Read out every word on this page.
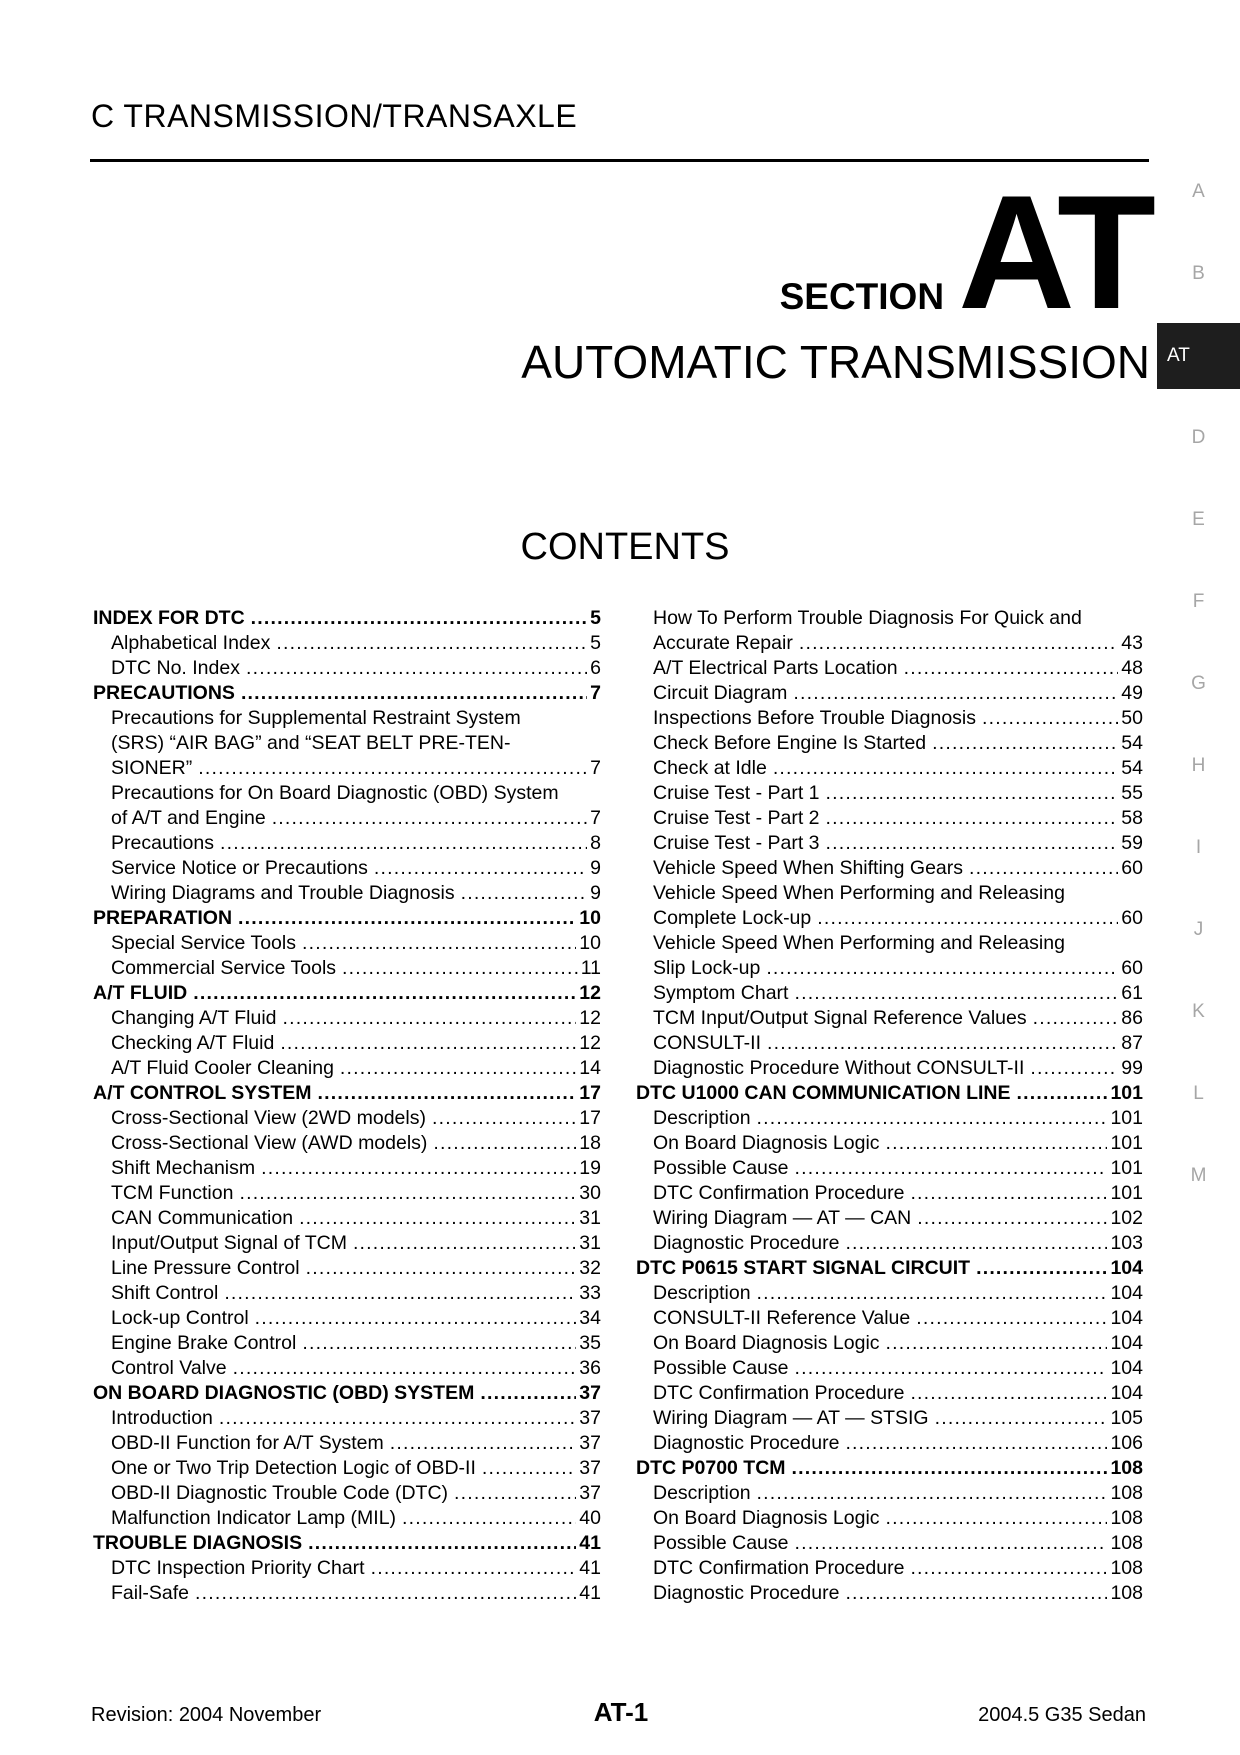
C TRANSMISSION/TRANSAXLE
SECTION AT
AUTOMATIC TRANSMISSION
CONTENTS
INDEX FOR DTC .....	5
Alphabetical Index .....	5
DTC No. Index .....	6
PRECAUTIONS .....	7
Precautions for Supplemental Restraint System
(SRS) “AIR BAG” and “SEAT BELT PRE-TEN-
SIONER” .....	7
Precautions for On Board Diagnostic (OBD) System
of A/T and Engine .....	7
Precautions .....	8
Service Notice or Precautions .....	9
Wiring Diagrams and Trouble Diagnosis .....	9
PREPARATION .....	10
Special Service Tools .....	10
Commercial Service Tools .....	11
A/T FLUID .....	12
Changing A/T Fluid .....	12
Checking A/T Fluid .....	12
A/T Fluid Cooler Cleaning .....	14
A/T CONTROL SYSTEM .....	17
Cross-Sectional View (2WD models) .....	17
Cross-Sectional View (AWD models) .....	18
Shift Mechanism .....	19
TCM Function .....	30
CAN Communication .....	31
Input/Output Signal of TCM .....	31
Line Pressure Control .....	32
Shift Control .....	33
Lock-up Control .....	34
Engine Brake Control .....	35
Control Valve .....	36
ON BOARD DIAGNOSTIC (OBD) SYSTEM .....	37
Introduction .....	37
OBD-II Function for A/T System .....	37
One or Two Trip Detection Logic of OBD-II .....	37
OBD-II Diagnostic Trouble Code (DTC) .....	37
Malfunction Indicator Lamp (MIL) .....	40
TROUBLE DIAGNOSIS .....	41
DTC Inspection Priority Chart .....	41
Fail-Safe .....	41
How To Perform Trouble Diagnosis For Quick and
Accurate Repair .....	43
A/T Electrical Parts Location .....	48
Circuit Diagram .....	49
Inspections Before Trouble Diagnosis .....	50
Check Before Engine Is Started .....	54
Check at Idle .....	54
Cruise Test - Part 1 .....	55
Cruise Test - Part 2 .....	58
Cruise Test - Part 3 .....	59
Vehicle Speed When Shifting Gears .....	60
Vehicle Speed When Performing and Releasing
Complete Lock-up .....	60
Vehicle Speed When Performing and Releasing
Slip Lock-up .....	60
Symptom Chart .....	61
TCM Input/Output Signal Reference Values .....	86
CONSULT-II .....	87
Diagnostic Procedure Without CONSULT-II .....	99
DTC U1000 CAN COMMUNICATION LINE .....	101
Description .....	101
On Board Diagnosis Logic .....	101
Possible Cause .....	101
DTC Confirmation Procedure .....	101
Wiring Diagram — AT — CAN .....	102
Diagnostic Procedure .....	103
DTC P0615 START SIGNAL CIRCUIT .....	104
Description .....	104
CONSULT-II Reference Value .....	104
On Board Diagnosis Logic .....	104
Possible Cause .....	104
DTC Confirmation Procedure .....	104
Wiring Diagram — AT — STSIG .....	105
Diagnostic Procedure .....	106
DTC P0700 TCM .....	108
Description .....	108
On Board Diagnosis Logic .....	108
Possible Cause .....	108
DTC Confirmation Procedure .....	108
Diagnostic Procedure .....	108
A
B
AT
D
E
F
G
H
I
J
K
L
M
Revision: 2004 November	AT-1	2004.5 G35 Sedan
